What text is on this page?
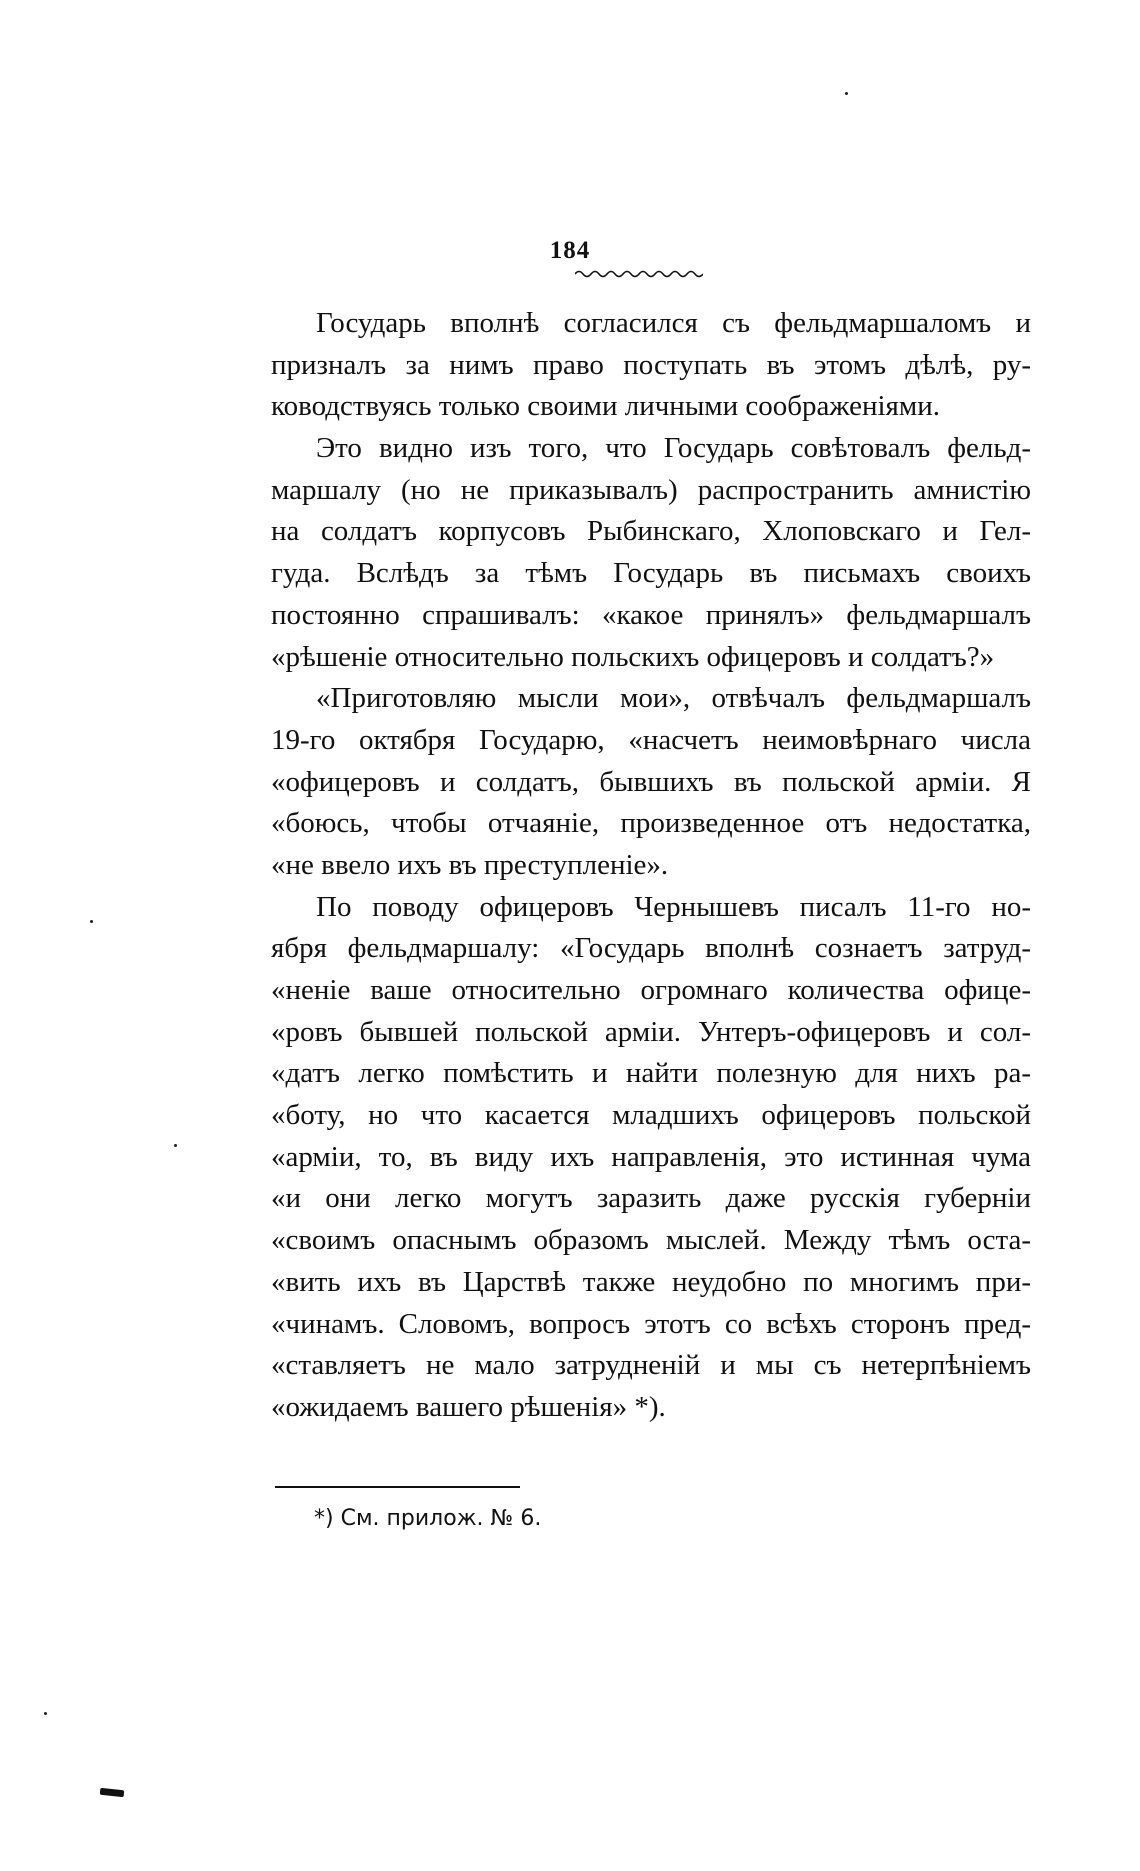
184
Государь вполнѣ согласился съ фельдмаршаломъ и
призналъ за нимъ право поступать въ этомъ дѣлѣ, ру-
ководствуясь только своими личными соображеніями.
Это видно изъ того, что Государь совѣтовалъ фельд-
маршалу (но не приказывалъ) распространить амнистію
на солдатъ корпусовъ Рыбинскаго, Хлоповскаго и Гел-
гуда. Вслѣдъ за тѣмъ Государь въ письмахъ своихъ
постоянно спрашивалъ: «какое принялъ» фельдмаршалъ
«рѣшеніе относительно польскихъ офицеровъ и солдатъ?»
«Приготовляю мысли мои», отвѣчалъ фельдмаршалъ
19-го октября Государю, «насчетъ неимовѣрнаго числа
«офицеровъ и солдатъ, бывшихъ въ польской арміи. Я
«боюсь, чтобы отчаяніе, произведенное отъ недостатка,
«не ввело ихъ въ преступленіе».
По поводу офицеровъ Чернышевъ писалъ 11-го но-
ября фельдмаршалу: «Государь вполнѣ сознаетъ затруд-
«неніе ваше относительно огромнаго количества офице-
«ровъ бывшей польской арміи. Унтеръ-офицеровъ и сол-
«датъ легко помѣстить и найти полезную для нихъ ра-
«боту, но что касается младшихъ офицеровъ польской
«арміи, то, въ виду ихъ направленія, это истинная чума
«и они легко могутъ заразить даже русскія губерніи
«своимъ опаснымъ образомъ мыслей. Между тѣмъ оста-
«вить ихъ въ Царствѣ также неудобно по многимъ при-
«чинамъ. Словомъ, вопросъ этотъ со всѣхъ сторонъ пред-
«ставляетъ не мало затрудненій и мы съ нетерпѣніемъ
«ожидаемъ вашего рѣшенія» *).
*) См. прилож. № 6.
